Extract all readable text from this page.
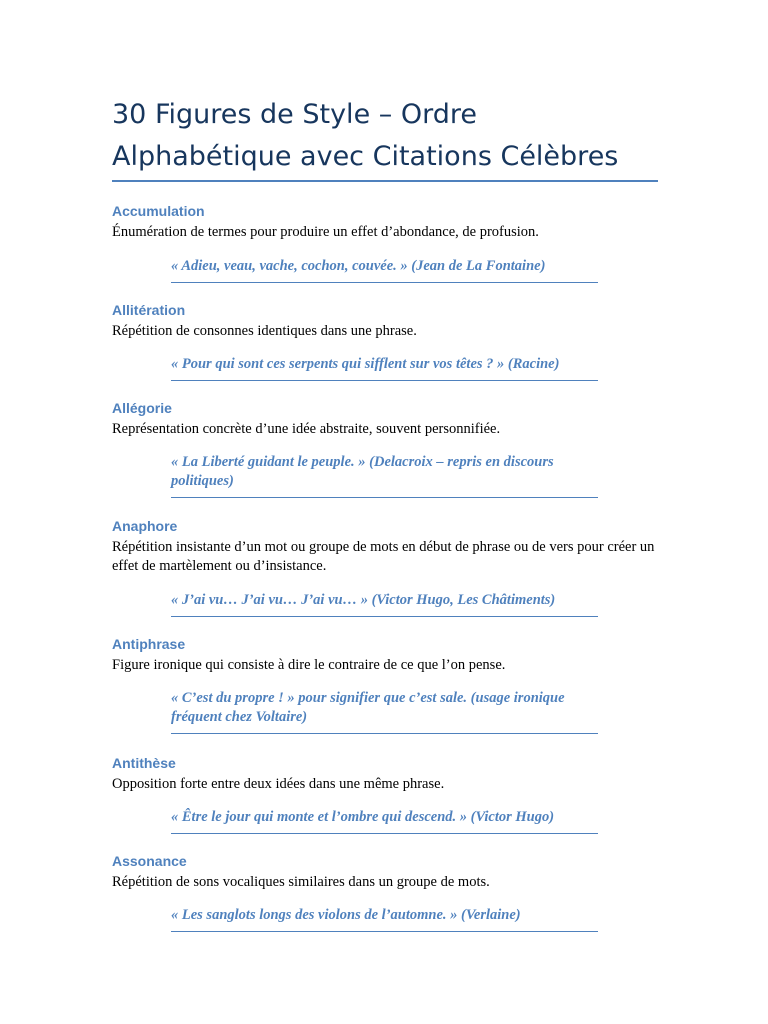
30 Figures de Style – Ordre
Alphabétique avec Citations Célèbres
Accumulation
Énumération de termes pour produire un effet d’abondance, de profusion.
« Adieu, veau, vache, cochon, couvée. » (Jean de La Fontaine)
Allitération
Répétition de consonnes identiques dans une phrase.
« Pour qui sont ces serpents qui sifflent sur vos têtes ? » (Racine)
Allégorie
Représentation concrète d’une idée abstraite, souvent personnifiée.
« La Liberté guidant le peuple. » (Delacroix – repris en discours politiques)
Anaphore
Répétition insistante d’un mot ou groupe de mots en début de phrase ou de vers pour créer un effet de martèlement ou d’insistance.
« J’ai vu… J’ai vu… J’ai vu… » (Victor Hugo, Les Châtiments)
Antiphrase
Figure ironique qui consiste à dire le contraire de ce que l’on pense.
« C’est du propre ! » pour signifier que c’est sale. (usage ironique fréquent chez Voltaire)
Antithèse
Opposition forte entre deux idées dans une même phrase.
« Être le jour qui monte et l’ombre qui descend. » (Victor Hugo)
Assonance
Répétition de sons vocaliques similaires dans un groupe de mots.
« Les sanglots longs des violons de l’automne. » (Verlaine)
